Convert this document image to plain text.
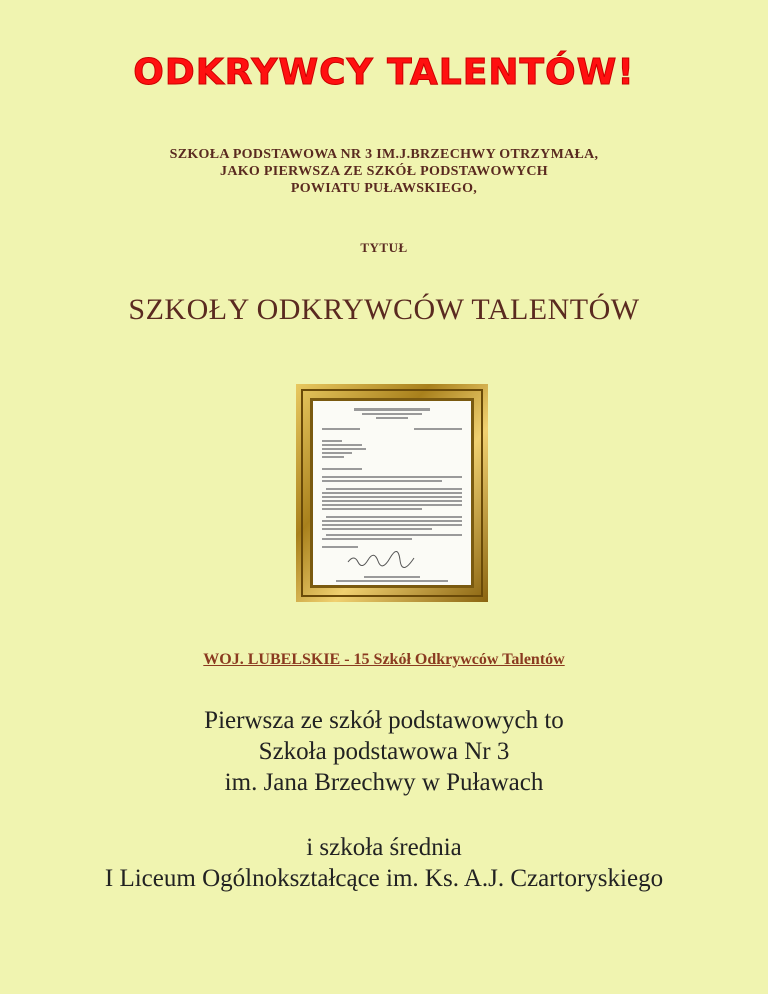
ODKRYWCY TALENTÓW!
SZKOŁA PODSTAWOWA NR 3 IM.J.BRZECHWY OTRZYMAŁA,
JAKO PIERWSZA ZE SZKÓŁ PODSTAWOWYCH
POWIATU PUŁAWSKIEGO,
TYTUŁ
SZKOŁY ODKRYWCÓW TALENTÓW
WOJ. LUBELSKIE - 15 Szkół Odkrywców Talentów
Pierwsza ze szkół podstawowych to
Szkoła podstawowa Nr 3
im. Jana Brzechwy w Puławach
i szkoła średnia
I Liceum Ogólnokształcące im. Ks. A.J. Czartoryskiego
